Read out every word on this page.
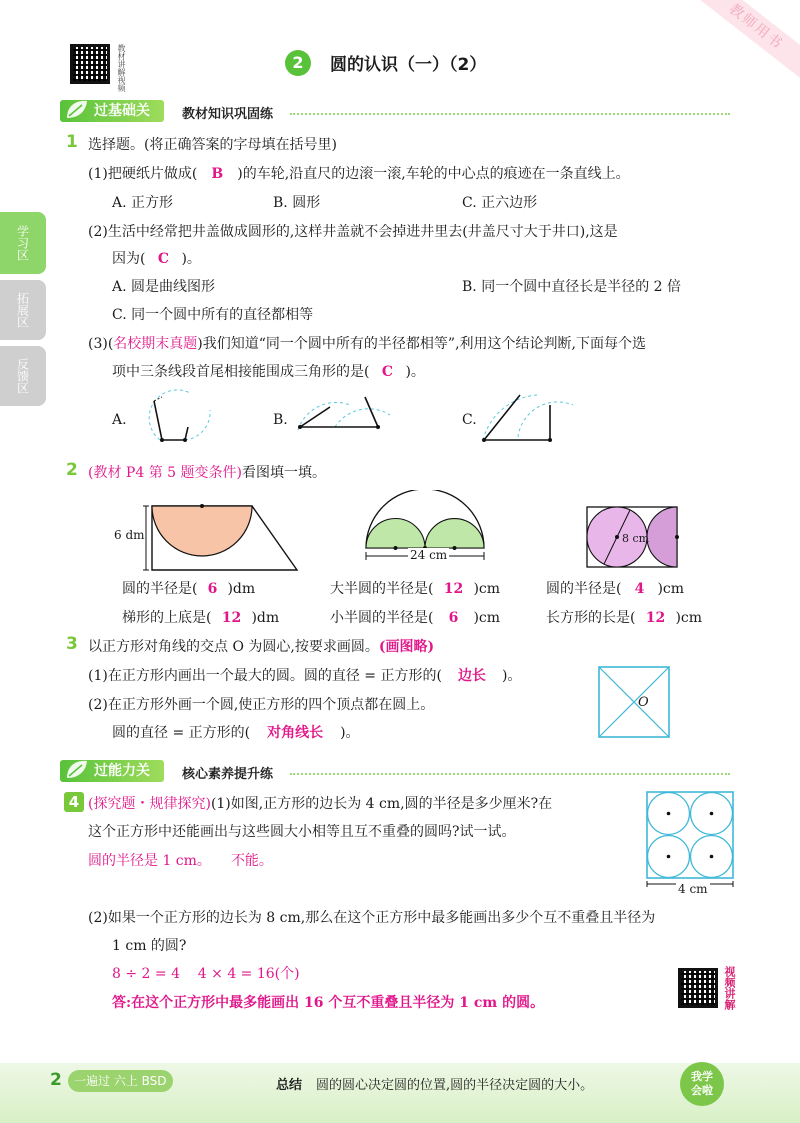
教师用书
教材讲解视频	2	圆的认识（一）（2）
学习区
拓展区
反馈区
过基础关	教材知识巩固练
1 选择题。(将正确答案的字母填在括号里)
(1)把硬纸片做成( B )的车轮,沿直尺的边滚一滚,车轮的中心点的痕迹在一条直线上。
A. 正方形	B. 圆形	C. 正六边形
(2)生活中经常把井盖做成圆形的,这样井盖就不会掉进井里去(井盖尺寸大于井口),这是
因为( C )。
A. 圆是曲线图形	B. 同一个圆中直径长是半径的 2 倍
C. 同一个圆中所有的直径都相等
(3)(名校期末真题)我们知道“同一个圆中所有的半径都相等”,利用这个结论判断,下面每个选
项中三条线段首尾相接能围成三角形的是( C )。
A.	B.	C.
2 (教材 P4 第 5 题变条件)看图填一填。
6 dm
24 cm
8 cm
圆的半径是( 6 )dm	大半圆的半径是( 12 )cm	圆的半径是( 4 )cm
梯形的上底是( 12 )dm	小半圆的半径是( 6 )cm	长方形的长是( 12 )cm
3 以正方形对角线的交点 O 为圆心,按要求画圆。(画图略)
(1)在正方形内画出一个最大的圆。圆的直径 = 正方形的( 边长 )。
(2)在正方形外画一个圆,使正方形的四个顶点都在圆上。
圆的直径 = 正方形的( 对角线长 )。
O
过能力关	核心素养提升练
4 (探究题・规律探究)(1)如图,正方形的边长为 4 cm,圆的半径是多少厘米?在
这个正方形中还能画出与这些圆大小相等且互不重叠的圆吗?试一试。
圆的半径是 1 cm。 不能。
4 cm
(2)如果一个正方形的边长为 8 cm,那么在这个正方形中最多能画出多少个互不重叠且半径为
1 cm 的圆?
8 ÷ 2 = 4    4 × 4 = 16(个)
答:在这个正方形中最多能画出 16 个互不重叠且半径为 1 cm 的圆。	视频讲解
2	一遍过 六上 BSD	总结 圆的圆心决定圆的位置,圆的半径决定圆的大小。
我学会啦
